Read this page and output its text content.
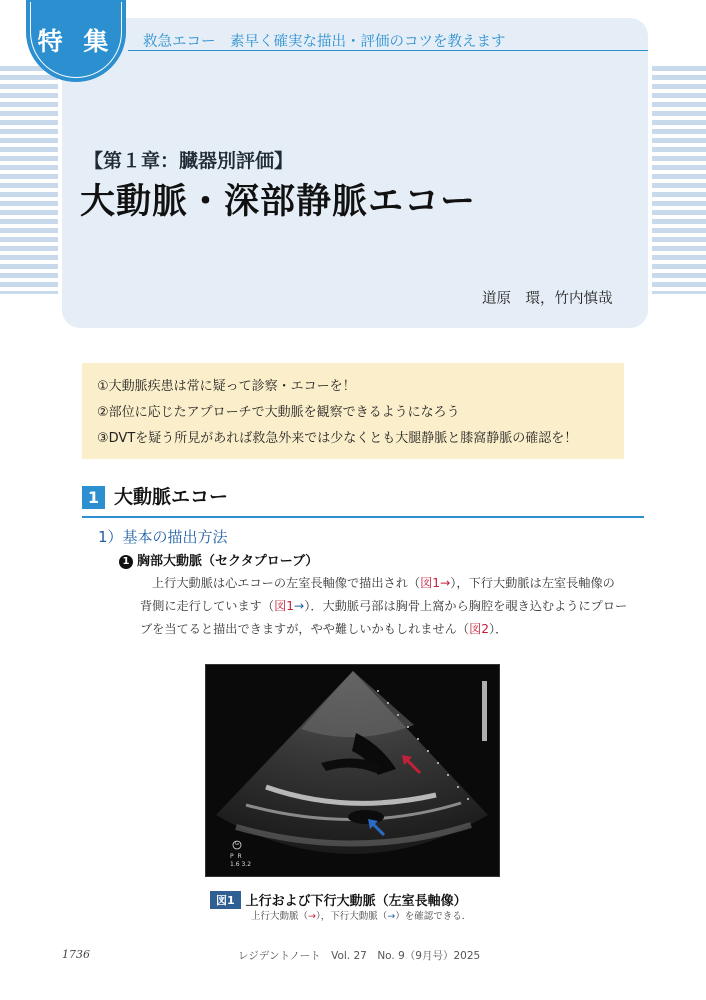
特 集	救急エコー　素早く確実な描出・評価のコツを教えます
【第１章：臓器別評価】
大動脈・深部静脈エコー
道原　環，竹内慎哉
①大動脈疾患は常に疑って診察・エコーを！
②部位に応じたアプローチで大動脈を観察できるようになろう
③DVTを疑う所見があれば救急外来では少なくとも大腿静脈と膝窩静脈の確認を！
1 大動脈エコー
1）基本の描出方法
1 胸部大動脈（セクタプローブ）
上行大動脈は心エコーの左室長軸像で描出され（図1→），下行大動脈は左室長軸像の
背側に走行しています（図1→）．大動脈弓部は胸骨上窩から胸腔を覗き込むようにプロー
ブを当てると描出できますが，やや難しいかもしれません（図2）．
G
P R
1.6 3.2
図1 上行および下行大動脈（左室長軸像）
上行大動脈（→），下行大動脈（→）を確認できる．
1736	レジデントノート　Vol. 27　No. 9（9月号）2025
